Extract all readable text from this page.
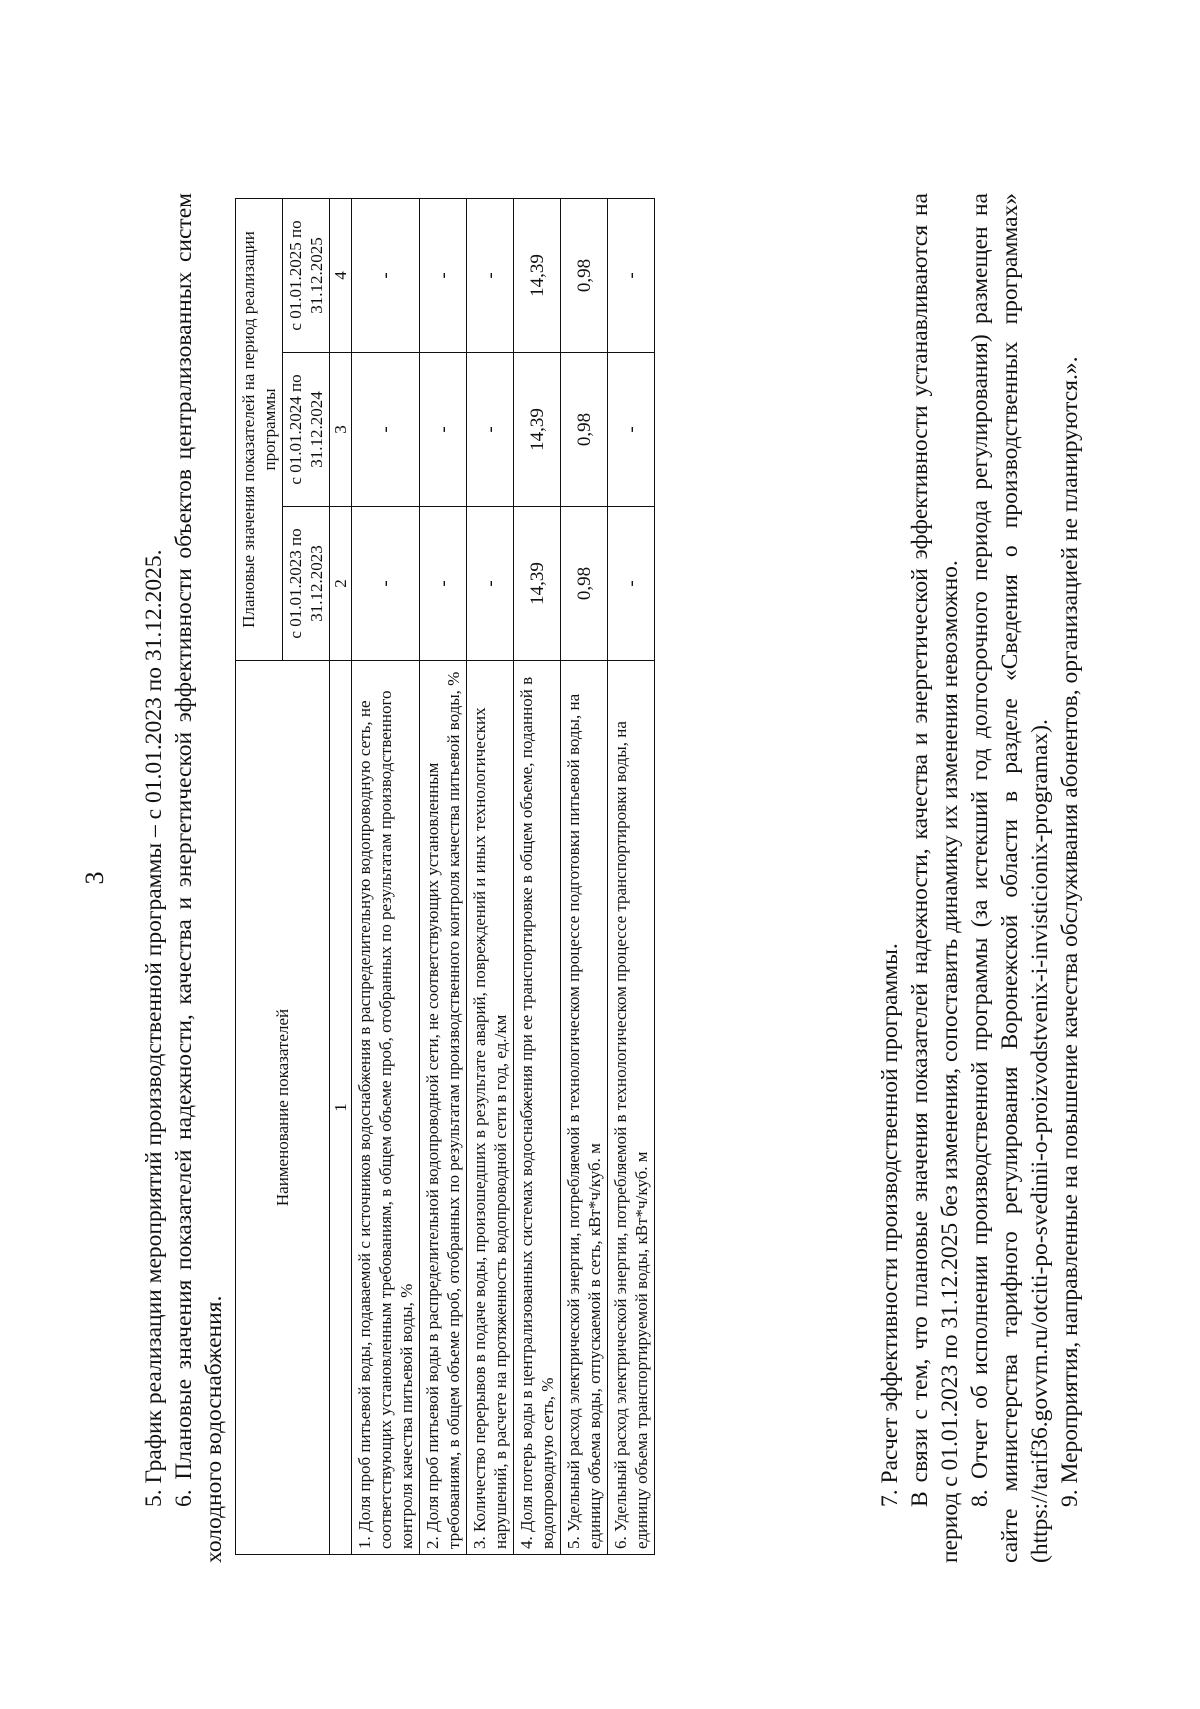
3 5. График реализации мероприятий производственной программы – с 01.01.2023 по 31.12.2025. 6. Плановые значения показателей надежности, качества и энергетической эффективности объектов централизованных систем холодного водоснабжения.

Наименование показателей	Плановые значения показателей на период реализации программы		
	с 01.01.2023 по 31.12.2023	с 01.01.2024 по 31.12.2024	с 01.01.2025 по 31.12.2025
1	2	3	4
1. Доля проб питьевой воды, подаваемой с источников водоснабжения в распределительную водопроводную сеть, не соответствующих установленным требованиям, в общем объеме проб, отобранных по результатам производственного контроля качества питьевой воды, %	-	-	-
2. Доля проб питьевой воды в распределительной водопроводной сети, не соответствующих установленным требованиям, в общем объеме проб, отобранных по результатам производственного контроля качества питьевой воды, %	-	-	-
3. Количество перерывов в подаче воды, произошедших в результате аварий, повреждений и иных технологических нарушений, в расчете на протяженность водопроводной сети в год, ед./км	-	-	-
4. Доля потерь воды в централизованных системах водоснабжения при ее транспортировке в общем объеме, поданной в водопроводную сеть, %	14,39	14,39	14,39
5. Удельный расход электрической энергии, потребляемой в технологическом процессе подготовки питьевой воды, на единицу объема воды, отпускаемой в сеть, кВт*ч/куб. м	0,98	0,98	0,98
6. Удельный расход электрической энергии, потребляемой в технологическом процессе транспортировки воды, на единицу объема транспортируемой воды, кВт*ч/куб. м	-	-	-

7. Расчет эффективности производственной программы. В связи с тем, что плановые значения показателей надежности, качества и энергетической эффективности устанавливаются на период с 01.01.2023 по 31.12.2025 без изменения, сопоставить динамику их изменения невозможно. 8. Отчет об исполнении производственной программы (за истекший год долгосрочного периода регулирования) размещен на сайте министерства тарифного регулирования Воронежской области в разделе «Сведения о производственных программах» (https://tarif36.govvrn.ru/otciti-po-svedinii-o-proizvodstvenix-i-invisticionix-programax). 9. Мероприятия, направленные на повышение качества обслуживания абонентов, организацией не планируются.».
